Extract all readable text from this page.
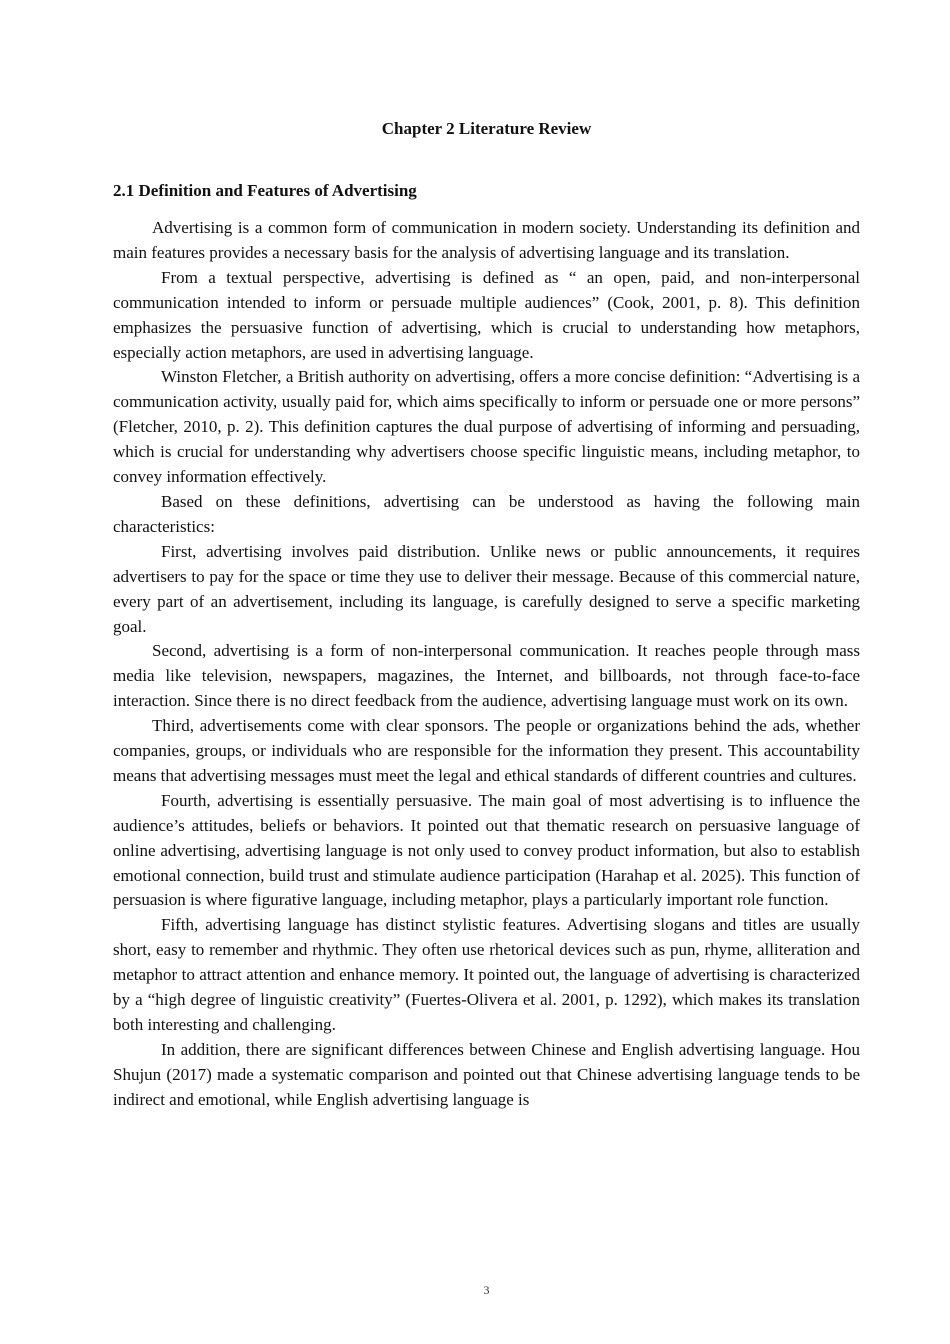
Chapter 2 Literature Review
2.1 Definition and Features of Advertising

Advertising is a common form of communication in modern society. Understanding its definition and main features provides a necessary basis for the analysis of advertising language and its translation.

From a textual perspective, advertising is defined as “ an open, paid, and non-interpersonal communication intended to inform or persuade multiple audiences” (Cook, 2001, p. 8). This definition emphasizes the persuasive function of advertising, which is crucial to understanding how metaphors, especially action metaphors, are used in advertising language.

Winston Fletcher, a British authority on advertising, offers a more concise definition: “Advertising is a communication activity, usually paid for, which aims specifically to inform or persuade one or more persons” (Fletcher, 2010, p. 2). This definition captures the dual purpose of advertising of informing and persuading, which is crucial for understanding why advertisers choose specific linguistic means, including metaphor, to convey information effectively.

Based on these definitions, advertising can be understood as having the following main characteristics:

First, advertising involves paid distribution. Unlike news or public announcements, it requires advertisers to pay for the space or time they use to deliver their message. Because of this commercial nature, every part of an advertisement, including its language, is carefully designed to serve a specific marketing goal.

Second, advertising is a form of non-interpersonal communication. It reaches people through mass media like television, newspapers, magazines, the Internet, and billboards, not through face-to-face interaction. Since there is no direct feedback from the audience, advertising language must work on its own.

Third, advertisements come with clear sponsors. The people or organizations behind the ads, whether companies, groups, or individuals who are responsible for the information they present. This accountability means that advertising messages must meet the legal and ethical standards of different countries and cultures.

Fourth, advertising is essentially persuasive. The main goal of most advertising is to influence the audience’s attitudes, beliefs or behaviors. It pointed out that thematic research on persuasive language of online advertising, advertising language is not only used to convey product information, but also to establish emotional connection, build trust and stimulate audience participation (Harahap et al. 2025). This function of persuasion is where figurative language, including metaphor, plays a particularly important role function.

Fifth, advertising language has distinct stylistic features. Advertising slogans and titles are usually short, easy to remember and rhythmic. They often use rhetorical devices such as pun, rhyme, alliteration and metaphor to attract attention and enhance memory. It pointed out, the language of advertising is characterized by a “high degree of linguistic creativity” (Fuertes-Olivera et al. 2001, p. 1292), which makes its translation both interesting and challenging.

In addition, there are significant differences between Chinese and English advertising language. Hou Shujun (2017) made a systematic comparison and pointed out that Chinese advertising language tends to be indirect and emotional, while English advertising language is

3
